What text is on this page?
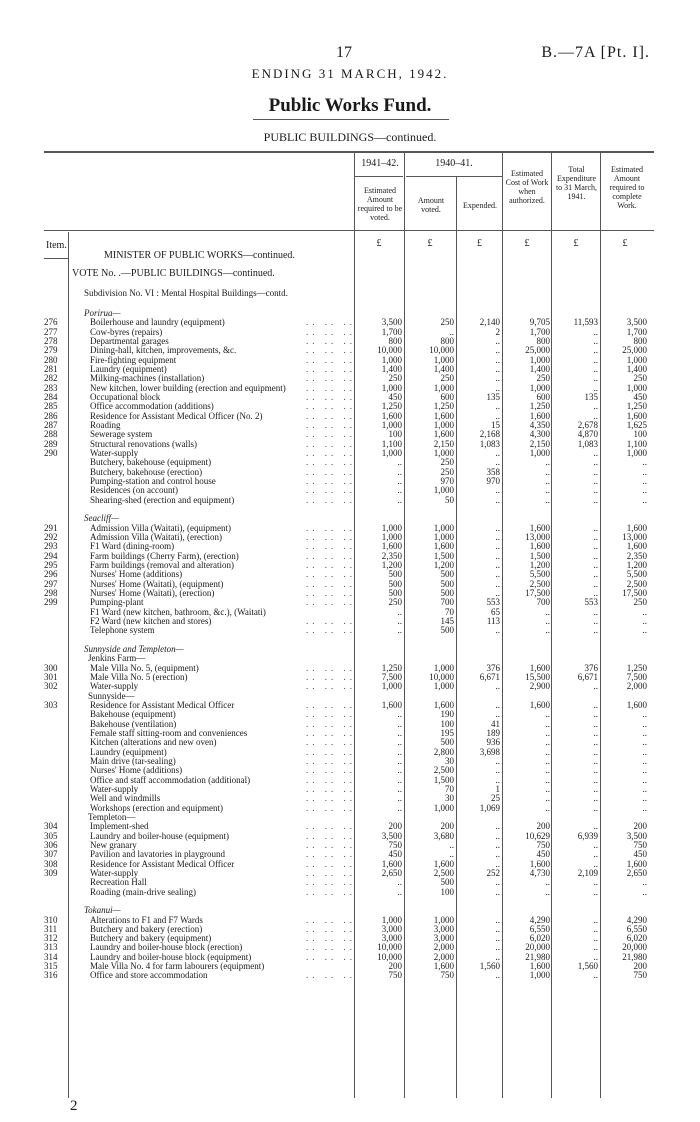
17	B.—7A [Pt. I].
ENDING 31 MARCH, 1942.
Public Works Fund.
PUBLIC BUILDINGS—continued.
1941–42.	1940–41.
Estimated Amount required to be voted.
Amount voted.	Expended.
Estimated Cost of Work when authorized.
Total Expenditure to 31 March, 1941.
Estimated Amount required to complete Work.
Item.	£	£	£	£	£	£
MINISTER OF PUBLIC WORKS—continued.
VOTE No. .—PUBLIC BUILDINGS—continued.
Subdivision No. VI : Mental Hospital Buildings—contd.
Porirua—
276	Boilerhouse and laundry (equipment)	.. .. ..	3,500	250	2,140	9,705	11,593	3,500
277	Cow-byres (repairs)	.. .. ..	1,700	..	2	1,700	..	1,700
278	Departmental garages	.. .. ..	800	800	..	800	..	800
279	Dining-hall, kitchen, improvements, &c.	.. .. ..	10,000	10,000	..	25,000	..	25,000
280	Fire-fighting equipment	.. .. ..	1,000	1,000	..	1,000	..	1,000
281	Laundry (equipment)	.. .. ..	1,400	1,400	..	1,400	..	1,400
282	Milking-machines (installation)	.. .. ..	250	250	..	250	..	250
283	New kitchen, lower building (erection and equipment)	.. .. ..	1,000	1,000	..	1,000	..	1,000
284	Occupational block	.. .. ..	450	600	135	600	135	450
285	Office accommodation (additions)	.. .. ..	1,250	1,250	..	1,250	..	1,250
286	Residence for Assistant Medical Officer (No. 2)	.. .. ..	1,600	1,600	..	1,600	..	1,600
287	Roading	.. .. ..	1,000	1,000	15	4,350	2,678	1,625
288	Sewerage system	.. .. ..	100	1,600	2,168	4,300	4,870	100
289	Structural renovations (walls)	.. .. ..	1,100	2,150	1,083	2,150	1,083	1,100
290	Water-supply	.. .. ..	1,000	1,000	..	1,000	..	1,000
Butchery, bakehouse (equipment)	.. .. ..	..	250	..	..	..	..
Butchery, bakehouse (erection)	.. .. ..	..	250	358	..	..	..
Pumping-station and control house	.. .. ..	..	970	970	..	..	..
Residences (on account)	.. .. ..	..	1,000	..	..	..	..
Shearing-shed (erection and equipment)	.. .. ..	..	50	..	..	..	..
Seacliff—
291	Admission Villa (Waitati), (equipment)	.. .. ..	1,000	1,000	..	1,600	..	1,600
292	Admission Villa (Waitati), (erection)	.. .. ..	1,000	1,000	..	13,000	..	13,000
293	F1 Ward (dining-room)	.. .. ..	1,600	1,600	..	1,600	..	1,600
294	Farm buildings (Cherry Farm), (erection)	.. .. ..	2,350	1,500	..	1,500	..	2,350
295	Farm buildings (removal and alteration)	.. .. ..	1,200	1,200	..	1,200	..	1,200
296	Nurses' Home (additions)	.. .. ..	500	500	..	5,500	..	5,500
297	Nurses' Home (Waitati), (equipment)	.. .. ..	500	500	..	2,500	..	2,500
298	Nurses' Home (Waitati), (erection)	.. .. ..	500	500	..	17,500	..	17,500
299	Pumping-plant	.. .. ..	250	700	553	700	553	250
F1 Ward (new kitchen, bathroom, &c.), (Waitati)	..	70	65	..	..	..
F2 Ward (new kitchen and stores)	.. .. ..	..	145	113	..	..	..
Telephone system	.. .. ..	..	500	..	..	..	..
Sunnyside and Templeton—
Jenkins Farm—
300	Male Villa No. 5, (equipment)	.. .. ..	1,250	1,000	376	1,600	376	1,250
301	Male Villa No. 5 (erection)	.. .. ..	7,500	10,000	6,671	15,500	6,671	7,500
302	Water-supply	.. .. ..	1,000	1,000	..	2,900	..	2,000
Sunnyside—
303	Residence for Assistant Medical Officer	.. .. ..	1,600	1,600	..	1,600	..	1,600
Bakehouse (equipment)	.. .. ..	..	190	..	..	..	..
Bakehouse (ventilation)	.. .. ..	..	100	41	..	..	..
Female staff sitting-room and conveniences	.. .. ..	..	195	189	..	..	..
Kitchen (alterations and new oven)	.. .. ..	..	500	936	..	..	..
Laundry (equipment)	.. .. ..	..	2,800	3,698	..	..	..
Main drive (tar-sealing)	.. .. ..	..	30	..	..	..	..
Nurses' Home (additions)	.. .. ..	..	2,500	..	..	..	..
Office and staff accommodation (additional)	.. .. ..	..	1,500	..	..	..	..
Water-supply	.. .. ..	..	70	1	..	..	..
Well and windmills	.. .. ..	..	30	25	..	..	..
Workshops (erection and equipment)	.. .. ..	..	1,000	1,069	..	..	..
Templeton—
304	Implement-shed	.. .. ..	200	200	..	200	..	200
305	Laundry and boiler-house (equipment)	.. .. ..	3,500	3,680	..	10,629	6,939	3,500
306	New granary	.. .. ..	750	..	..	750	..	750
307	Pavilion and lavatories in playground	.. .. ..	450	..	..	450	..	450
308	Residence for Assistant Medical Officer	.. .. ..	1,600	1,600	..	1,600	..	1,600
309	Water-supply	.. .. ..	2,650	2,500	252	4,730	2,109	2,650
Recreation Hall	.. .. ..	..	500	..	..	..	..
Roading (main-drive sealing)	.. .. ..	..	100	..	..	..	..
Tokanui—
310	Alterations to F1 and F7 Wards	.. .. ..	1,000	1,000	..	4,290	..	4,290
311	Butchery and bakery (erection)	.. .. ..	3,000	3,000	..	6,550	..	6,550
312	Butchery and bakery (equipment)	.. .. ..	3,000	3,000	..	6,020	..	6,020
313	Laundry and boiler-house block (erection)	.. .. ..	10,000	2,000	..	20,000	..	20,000
314	Laundry and boiler-house block (equipment)	.. .. ..	10,000	2,000	..	21,980	..	21,980
315	Male Villa No. 4 for farm labourers (equipment)	200	1,600	1,560	1,600	1,560	200
316	Office and store accommodation	.. .. ..	750	750	..	1,000	..	750
2
